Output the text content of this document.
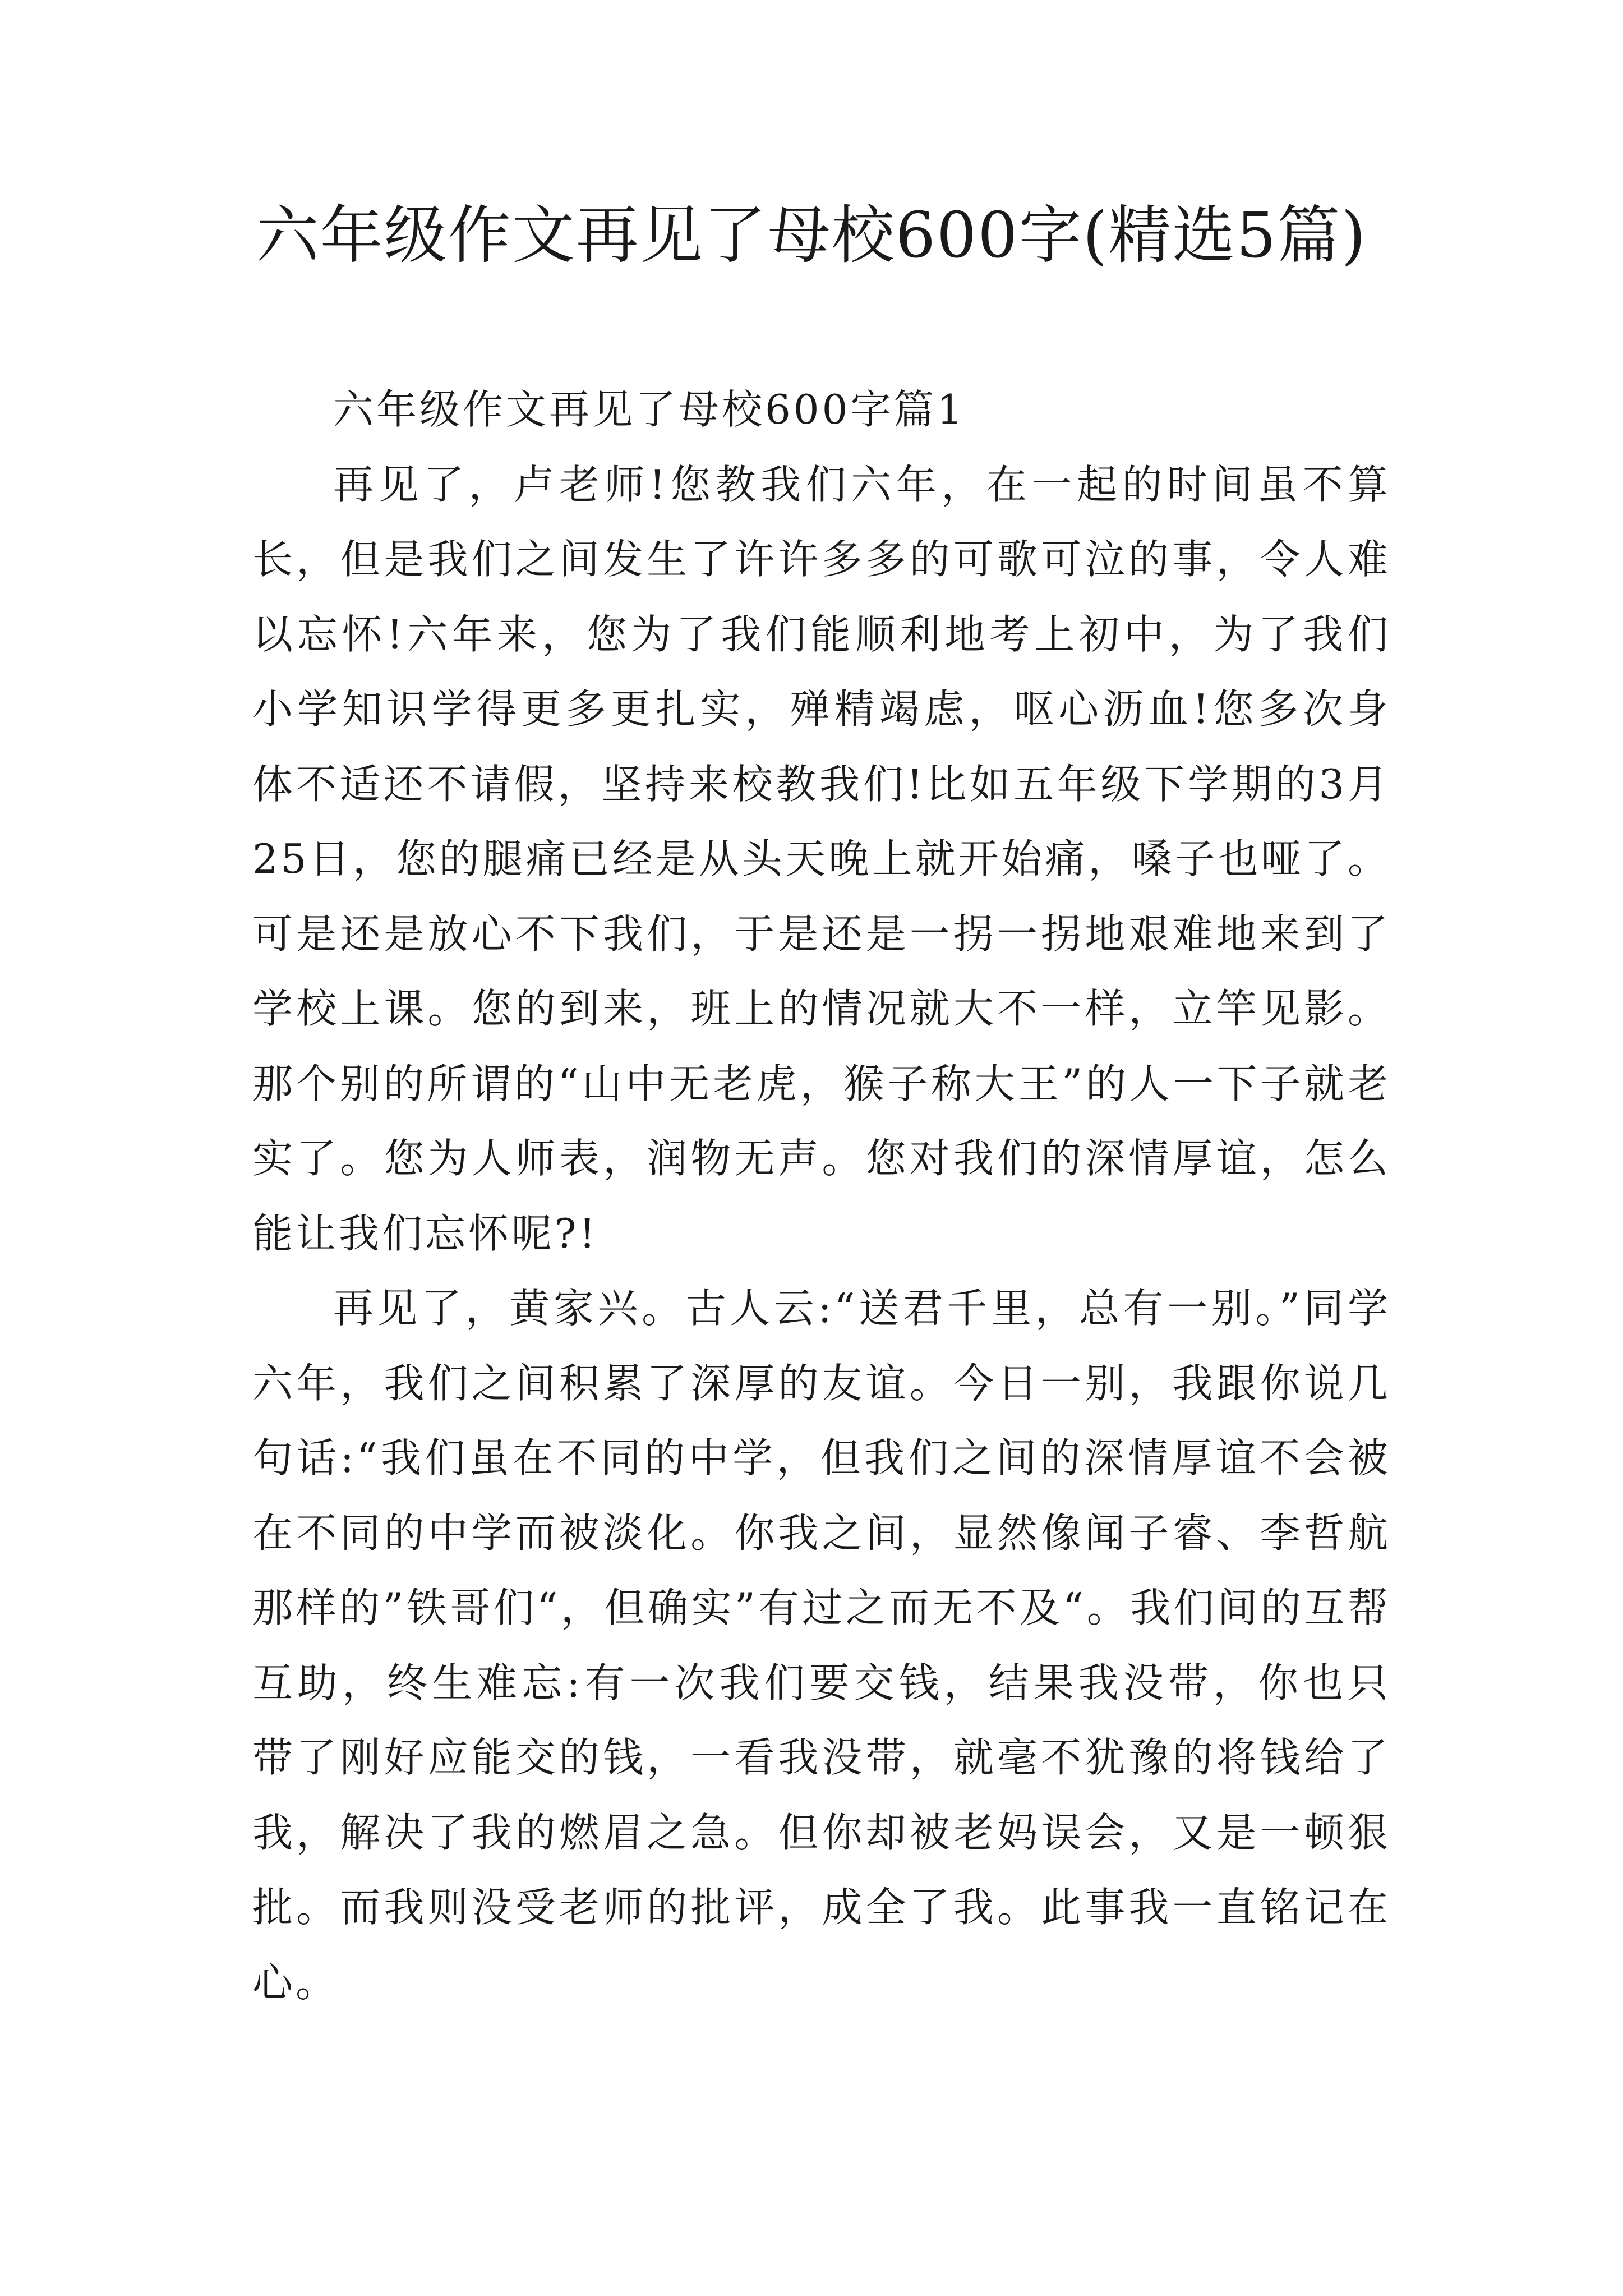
六年级作文再见了母校600字(精选5篇)
六年级作文再见了母校600字篇1

再见了，卢老师!您教我们六年，在一起的时间虽不算长，但是我们之间发生了许许多多的可歌可泣的事，令人难以忘怀!六年来，您为了我们能顺利地考上初中，为了我们小学知识学得更多更扎实，殚精竭虑，呕心沥血!您多次身体不适还不请假，坚持来校教我们!比如五年级下学期的3月25日，您的腿痛已经是从头天晚上就开始痛，嗓子也哑了。可是还是放心不下我们，于是还是一拐一拐地艰难地来到了学校上课。您的到来，班上的情况就大不一样，立竿见影。那个别的所谓的“山中无老虎，猴子称大王”的人一下子就老实了。您为人师表，润物无声。您对我们的深情厚谊，怎么能让我们忘怀呢?!

再见了，黄家兴。古人云:“送君千里，总有一别。”同学六年，我们之间积累了深厚的友谊。今日一别，我跟你说几句话:“我们虽在不同的中学，但我们之间的深情厚谊不会被在不同的中学而被淡化。你我之间，显然像闻子睿、李哲航那样的”铁哥们“，但确实”有过之而无不及“。我们间的互帮互助，终生难忘:有一次我们要交钱，结果我没带，你也只带了刚好应能交的钱，一看我没带，就毫不犹豫的将钱给了我，解决了我的燃眉之急。但你却被老妈误会，又是一顿狠批。而我则没受老师的批评，成全了我。此事我一直铭记在心。
